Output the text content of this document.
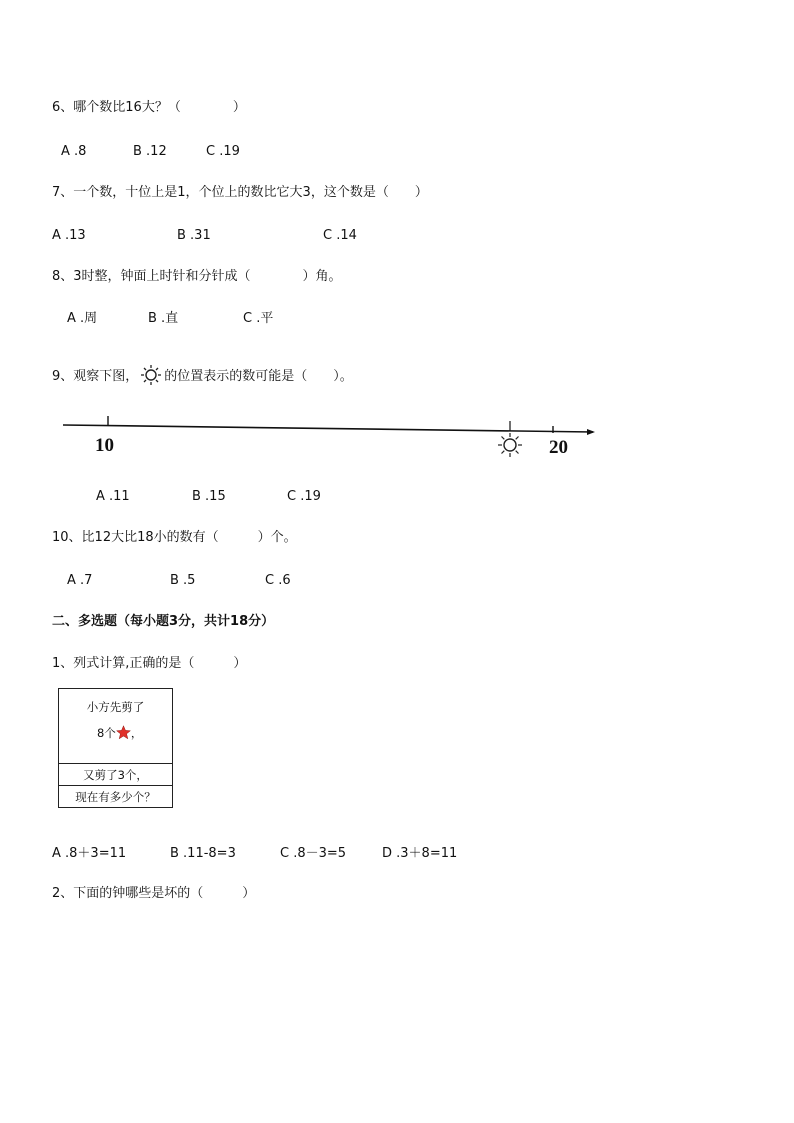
6、哪个数比16大？（　　　　）
A .8	B .12	C .19
7、一个数，十位上是1，个位上的数比它大3，这个数是（　　）
A .13	B .31	C .14
8、3时整，钟面上时针和分针成（　　　　）角。
A .周	B .直	C .平
9、观察下图， 的位置表示的数可能是（　　）。
10	20
A .11	B .15	C .19
10、比12大比18小的数有（　　　）个。
A .7	B .5	C .6
二、多选题（每小题3分，共计18分）
1、列式计算,正确的是（　　　）
小方先剪了
8个 ，
又剪了3个，
现在有多少个？
A .8＋3=11	B .11-8=3	C .8－3=5	D .3＋8=11
2、下面的钟哪些是坏的（　　　）
